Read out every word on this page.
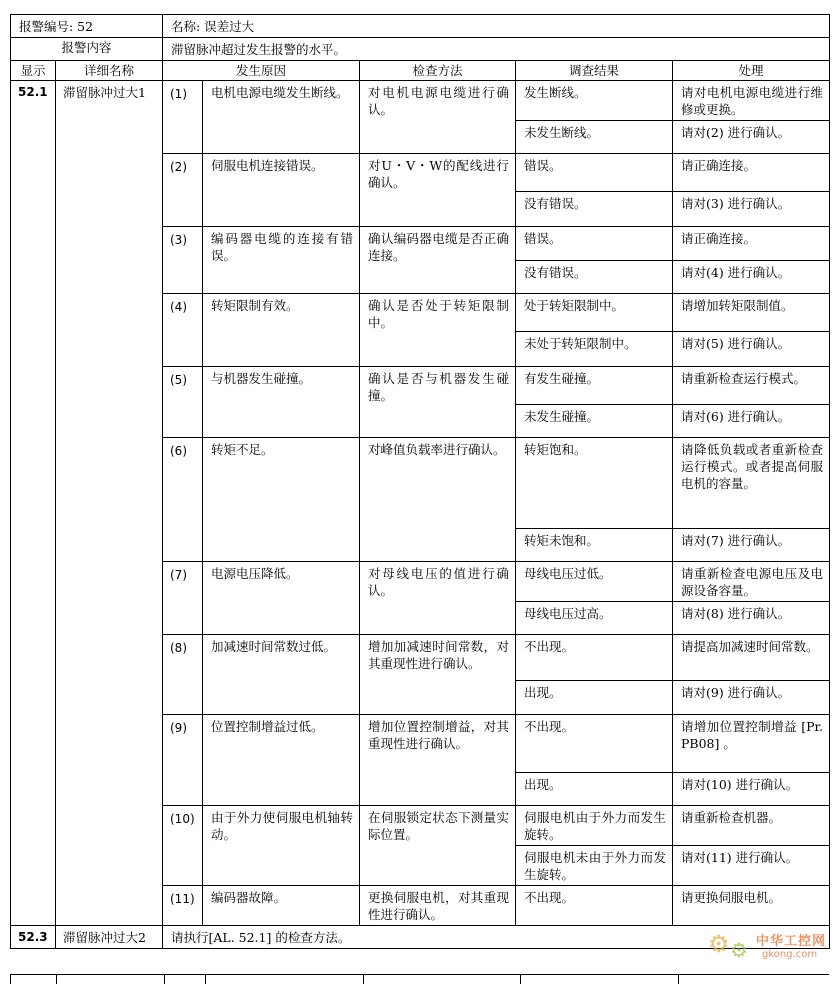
报警编号: 52		名称: 误差过大				
报警内容		滞留脉冲超过发生报警的水平。				
显示	详细名称	发生原因		检查方法	调查结果	处理
52.1	滞留脉冲过大1	(1)	电机电源电缆发生断线。	对电机电源电缆进行确认。	发生断线。	请对电机电源电缆进行维修或更换。
					未发生断线。	请对(2) 进行确认。
		(2)	伺服电机连接错误。	对U・V・W的配线进行确认。	错误。	请正确连接。
					没有错误。	请对(3) 进行确认。
		(3)	编码器电缆的连接有错误。	确认编码器电缆是否正确连接。	错误。	请正确连接。
					没有错误。	请对(4) 进行确认。
		(4)	转矩限制有效。	确认是否处于转矩限制中。	处于转矩限制中。	请增加转矩限制值。
					未处于转矩限制中。	请对(5) 进行确认。
		(5)	与机器发生碰撞。	确认是否与机器发生碰撞。	有发生碰撞。	请重新检查运行模式。
					未发生碰撞。	请对(6) 进行确认。
		(6)	转矩不足。	对峰值负载率进行确认。	转矩饱和。	请降低负载或者重新检查运行模式。或者提高伺服电机的容量。
					转矩未饱和。	请对(7) 进行确认。
		(7)	电源电压降低。	对母线电压的值进行确认。	母线电压过低。	请重新检查电源电压及电源设备容量。
					母线电压过高。	请对(8) 进行确认。
		(8)	加减速时间常数过低。	增加加减速时间常数，对其重现性进行确认。	不出现。	请提高加减速时间常数。
					出现。	请对(9) 进行确认。
		(9)	位置控制增益过低。	增加位置控制增益，对其重现性进行确认。	不出现。	请增加位置控制增益 [Pr. PB08] 。
					出现。	请对(10) 进行确认。
		(10)	由于外力使伺服电机轴转动。	在伺服锁定状态下测量实际位置。	伺服电机由于外力而发生旋转。	请重新检查机器。
					伺服电机未由于外力而发生旋转。	请对(11) 进行确认。
		(11)	编码器故障。	更换伺服电机，对其重现性进行确认。	不出现。	请更换伺服电机。
52.3	滞留脉冲过大2	请执行[AL. 52.1] 的检查方法。				
							⚙ ⚙ 中华工控网
gkong.com
